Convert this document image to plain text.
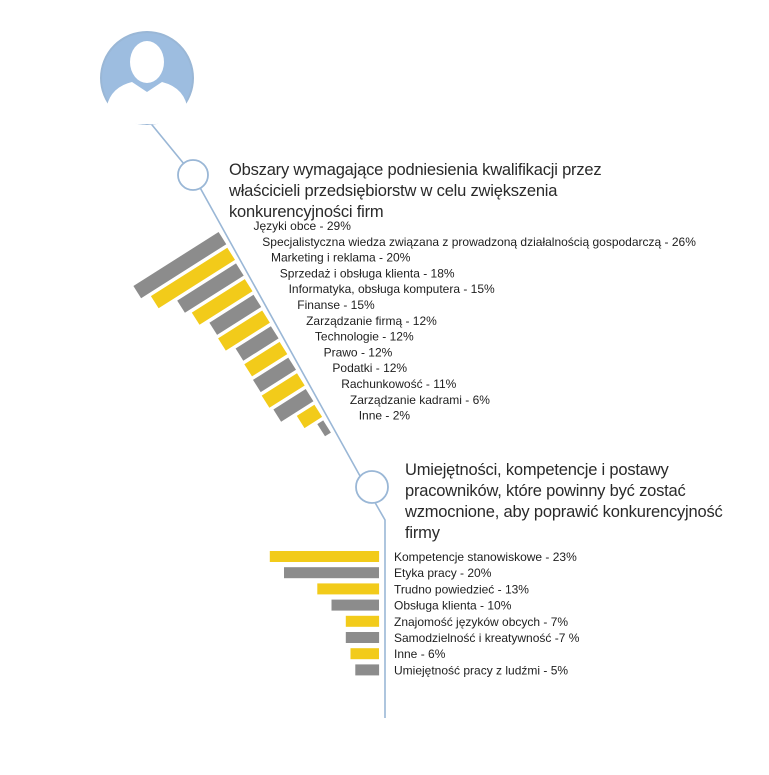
Języki obce - 29%
Specjalistyczna wiedza związana z prowadzoną działalnością gospodarczą - 26%
Marketing i reklama - 20%
Sprzedaż i obsługa klienta - 18%
Informatyka, obsługa komputera - 15%
Finanse - 15%
Zarządzanie firmą - 12%
Technologie - 12%
Prawo - 12%
Podatki - 12%
Rachunkowość - 11%
Zarządzanie kadrami - 6%
Inne - 2%
Kompetencje stanowiskowe - 23%
Etyka pracy - 20%
Trudno powiedzieć - 13%
Obsługa klienta - 10%
Znajomość języków obcych - 7%
Samodzielność i kreatywność -7 %
Inne - 6%
Umiejętność pracy z ludźmi - 5%
Obszary wymagające podniesienia kwalifikacji przez właścicieli przedsiębiorstw w celu zwiększenia konkurencyjności firm
Umiejętności, kompetencje i postawy pracowników, które powinny być zostać wzmocnione, aby poprawić konkurencyjność firmy
